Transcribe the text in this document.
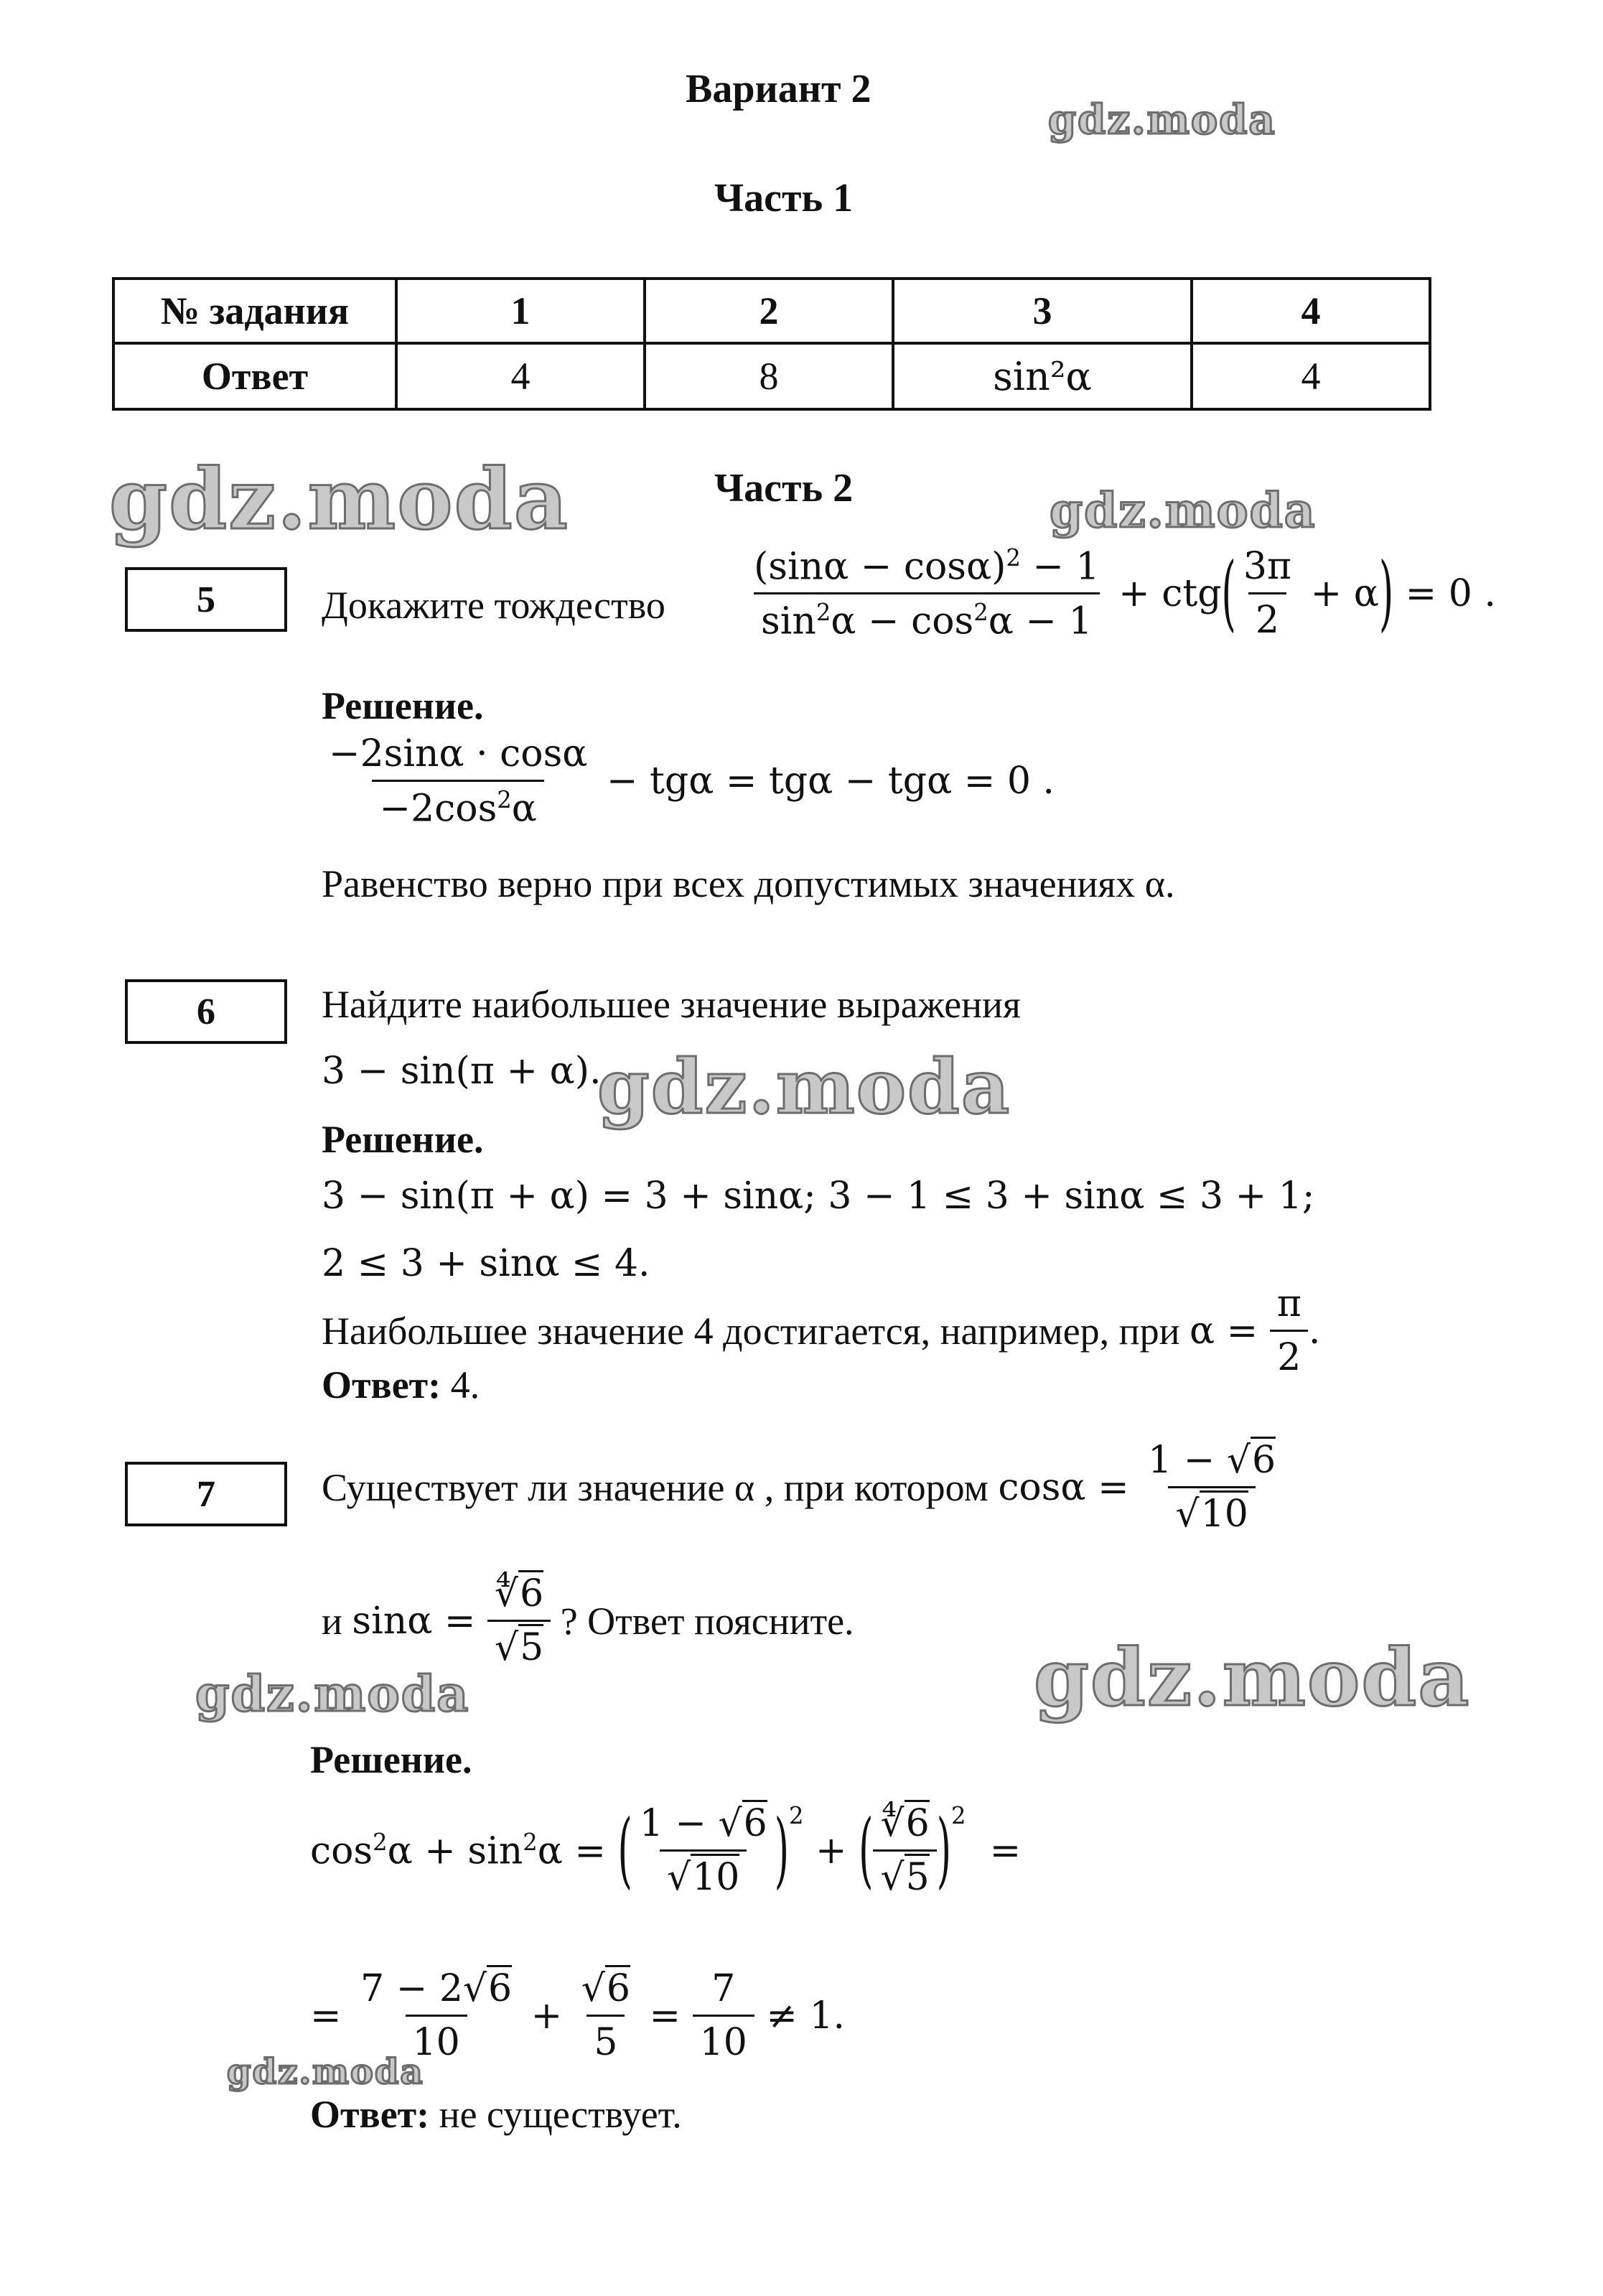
Вариант 2
Часть 1
№ задания	1	2	3	4
Ответ	4	8	sin²α	4
Часть 2
gdz.moda
gdz.moda	gdz.moda
gdz.moda
gdz.moda
gdz.moda
gdz.moda
5	Докажите тождество $\frac{(\sin\alpha - \cos\alpha)^2 - 1}{\sin^2\alpha - \cos^2\alpha - 1}$ + ctg ( $\frac{3\pi}{2} + \alpha$ ) = 0 .
Решение.
$\frac{-2\sin\alpha \cdot \cos\alpha}{-2\cos^2\alpha} - tg\alpha = tg\alpha - tg\alpha = 0$ .
Равенство верно при всех допустимых значениях α.
6	Найдите наибольшее значение выражения
3 − sin(π + α).
Решение.
3 − sin(π + α) = 3 + sinα; 3 − 1 ≤ 3 + sinα ≤ 3 + 1;
2 ≤ 3 + sinα ≤ 4.
Наибольшее значение 4 достигается, например, при $\alpha = \frac{\pi}{2}$ .
Ответ: 4.
7	Существует ли значение α , при котором $\cos\alpha = \frac{1 - √6}{√10}$
и $\sin\alpha = \frac{∜6}{√5}$ ? Ответ поясните.
Решение.
$\cos^2\alpha + \sin^2\alpha$ = ( $\frac{1 - √6}{√10} )^2$
+ ( $\frac{∜6}{√5} )^2$
=
= $\frac{7 - 2√6}{10} + \frac{√6}{5} = \frac{7}{10} \ne 1$.
Ответ: не существует.
